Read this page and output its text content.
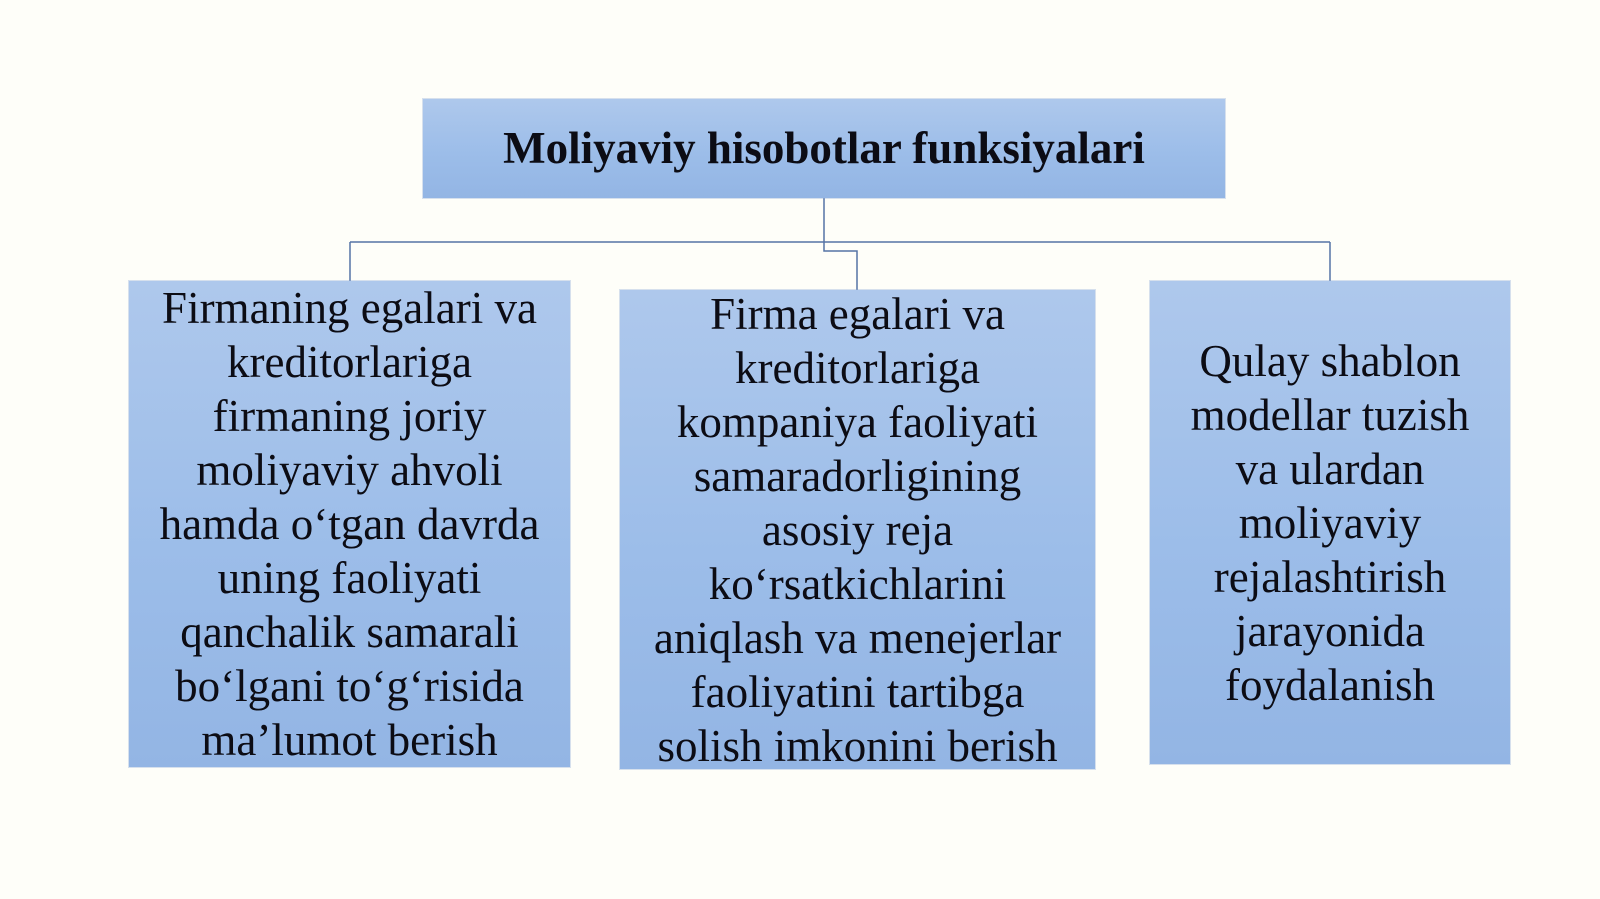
Moliyaviy hisobotlar funksiyalari
Firmaning egalari va
kreditorlariga
firmaning joriy
moliyaviy ahvoli
hamda o‘tgan davrda
uning faoliyati
qanchalik samarali
bo‘lgani to‘g‘risida
ma’lumot berish
Firma egalari va
kreditorlariga
kompaniya faoliyati
samaradorligining
asosiy reja
ko‘rsatkichlarini
aniqlash va menejerlar
faoliyatini tartibga
solish imkonini berish
Qulay shablon
modellar tuzish
va ulardan
moliyaviy
rejalashtirish
jarayonida
foydalanish
